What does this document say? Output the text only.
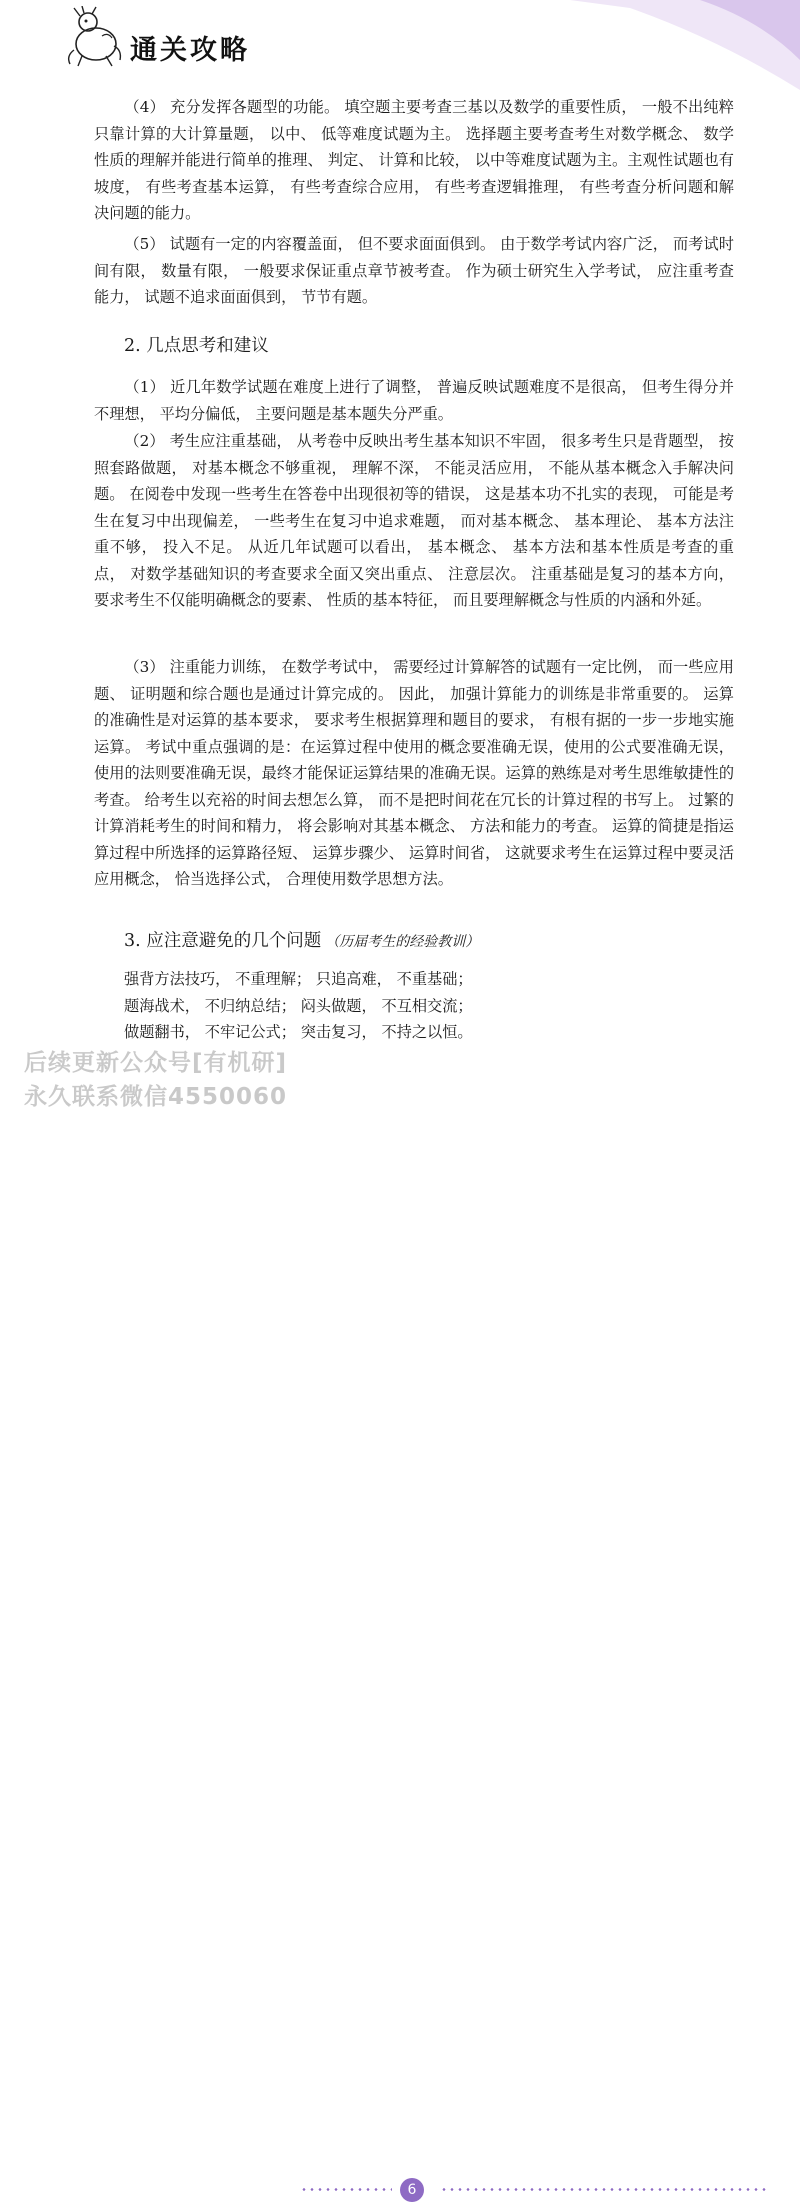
通关攻略

（4） 充分发挥各题型的功能。 填空题主要考查三基以及数学的重要性质， 一般不出纯粹只靠计算的大计算量题， 以中、 低等难度试题为主。 选择题主要考查考生对数学概念、 数学性质的理解并能进行简单的推理、 判定、 计算和比较， 以中等难度试题为主。主观性试题也有坡度， 有些考查基本运算， 有些考查综合应用， 有些考查逻辑推理， 有些考查分析问题和解决问题的能力。

（5） 试题有一定的内容覆盖面， 但不要求面面俱到。 由于数学考试内容广泛， 而考试时间有限， 数量有限， 一般要求保证重点章节被考查。 作为硕士研究生入学考试， 应注重考查能力， 试题不追求面面俱到， 节节有题。

2. 几点思考和建议

（1） 近几年数学试题在难度上进行了调整， 普遍反映试题难度不是很高， 但考生得分并不理想， 平均分偏低， 主要问题是基本题失分严重。

（2） 考生应注重基础， 从考卷中反映出考生基本知识不牢固， 很多考生只是背题型， 按照套路做题， 对基本概念不够重视， 理解不深， 不能灵活应用， 不能从基本概念入手解决问题。 在阅卷中发现一些考生在答卷中出现很初等的错误， 这是基本功不扎实的表现， 可能是考生在复习中出现偏差， 一些考生在复习中追求难题， 而对基本概念、 基本理论、 基本方法注重不够， 投入不足。 从近几年试题可以看出， 基本概念、 基本方法和基本性质是考查的重点， 对数学基础知识的考查要求全面又突出重点、 注意层次。 注重基础是复习的基本方向， 要求考生不仅能明确概念的要素、 性质的基本特征， 而且要理解概念与性质的内涵和外延。

（3） 注重能力训练， 在数学考试中， 需要经过计算解答的试题有一定比例， 而一些应用题、 证明题和综合题也是通过计算完成的。 因此， 加强计算能力的训练是非常重要的。 运算的准确性是对运算的基本要求， 要求考生根据算理和题目的要求， 有根有据的一步一步地实施运算。 考试中重点强调的是：在运算过程中使用的概念要准确无误，使用的公式要准确无误，使用的法则要准确无误，最终才能保证运算结果的准确无误。运算的熟练是对考生思维敏捷性的考查。 给考生以充裕的时间去想怎么算， 而不是把时间花在冗长的计算过程的书写上。 过繁的计算消耗考生的时间和精力， 将会影响对其基本概念、 方法和能力的考查。 运算的简捷是指运算过程中所选择的运算路径短、 运算步骤少、 运算时间省， 这就要求考生在运算过程中要灵活应用概念， 恰当选择公式， 合理使用数学思想方法。

3. 应注意避免的几个问题 （历届考生的经验教训）

强背方法技巧， 不重理解； 只追高难， 不重基础；

题海战术， 不归纳总结； 闷头做题， 不互相交流；

做题翻书， 不牢记公式； 突击复习， 不持之以恒。

后续更新公众号[有机研]
永久联系微信4550060
6
